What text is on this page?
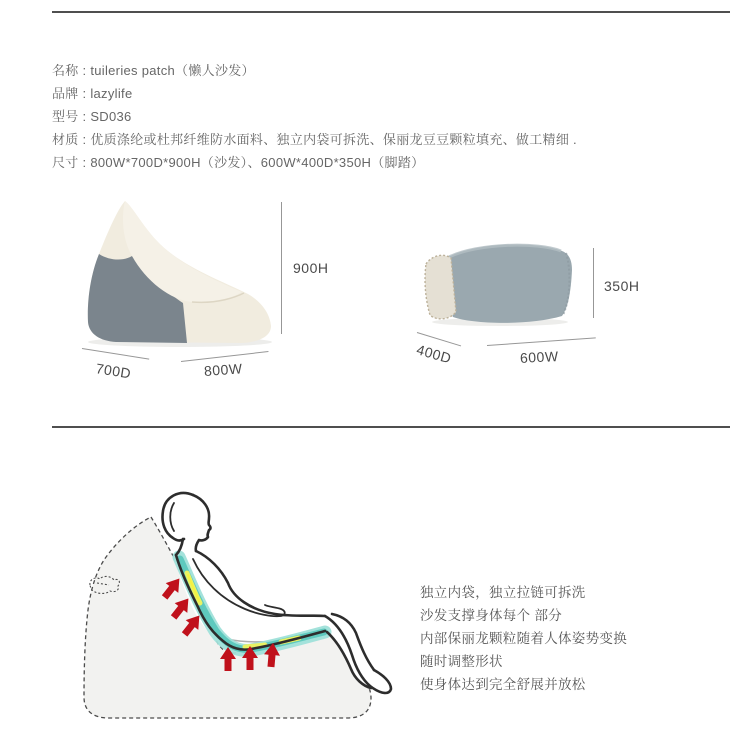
名称 : tuileries patch（懒人沙发）
品牌 : lazylife
型号 : SD036
材质 : 优质涤纶或杜邦纤维防水面料、独立内袋可拆洗、保丽龙豆豆颗粒填充、做工精细 .
尺寸 : 800W*700D*900H（沙发）、600W*400D*350H（脚踏）
900H
700D	800W
350H
400D	600W
独立内袋，独立拉链可拆洗
沙发支撑身体每个 部分
内部保丽龙颗粒随着人体姿势变换
随时调整形状
使身体达到完全舒展并放松
